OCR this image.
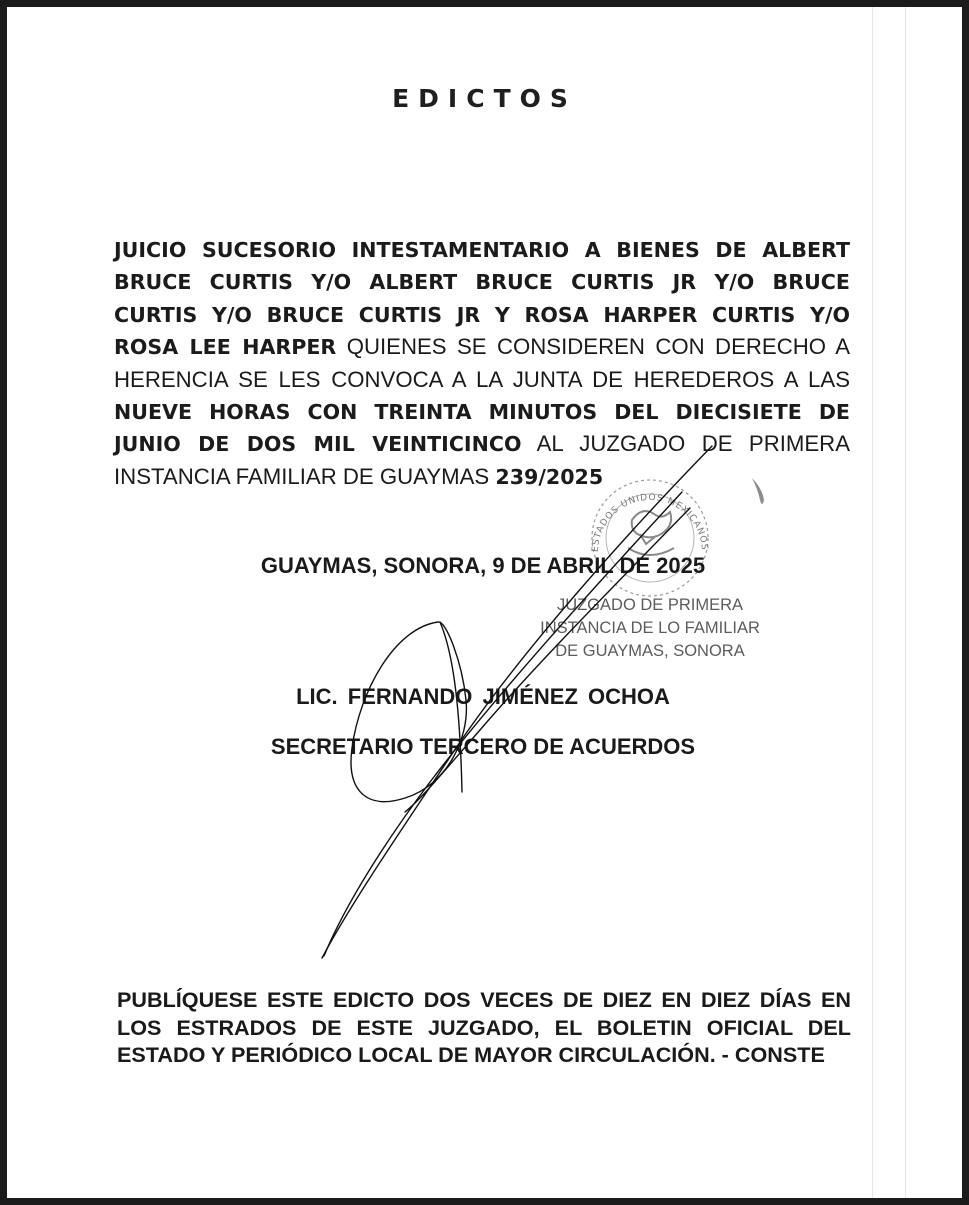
EDICTOS
JUICIO SUCESORIO INTESTAMENTARIO A BIENES DE ALBERT BRUCE CURTIS Y/O ALBERT BRUCE CURTIS JR Y/O BRUCE CURTIS Y/O BRUCE CURTIS JR Y ROSA HARPER CURTIS Y/O ROSA LEE HARPER QUIENES SE CONSIDEREN CON DERECHO A HERENCIA SE LES CONVOCA A LA JUNTA DE HEREDEROS A LAS NUEVE HORAS CON TREINTA MINUTOS DEL DIECISIETE DE JUNIO DE DOS MIL VEINTICINCO AL JUZGADO DE PRIMERA INSTANCIA FAMILIAR DE GUAYMAS 239/2025
ESTADOS UNIDOS MEXICANOS
GUAYMAS, SONORA, 9 DE ABRIL DE 2025
JUZGADO DE PRIMERA
INSTANCIA DE LO FAMILIAR
DE GUAYMAS, SONORA
LIC. FERNANDO JIMÉNEZ OCHOA
SECRETARIO TERCERO DE ACUERDOS
PUBLÍQUESE ESTE EDICTO DOS VECES DE DIEZ EN DIEZ DÍAS EN LOS ESTRADOS DE ESTE JUZGADO, EL BOLETIN OFICIAL DEL ESTADO Y PERIÓDICO LOCAL DE MAYOR CIRCULACIÓN. - CONSTE
